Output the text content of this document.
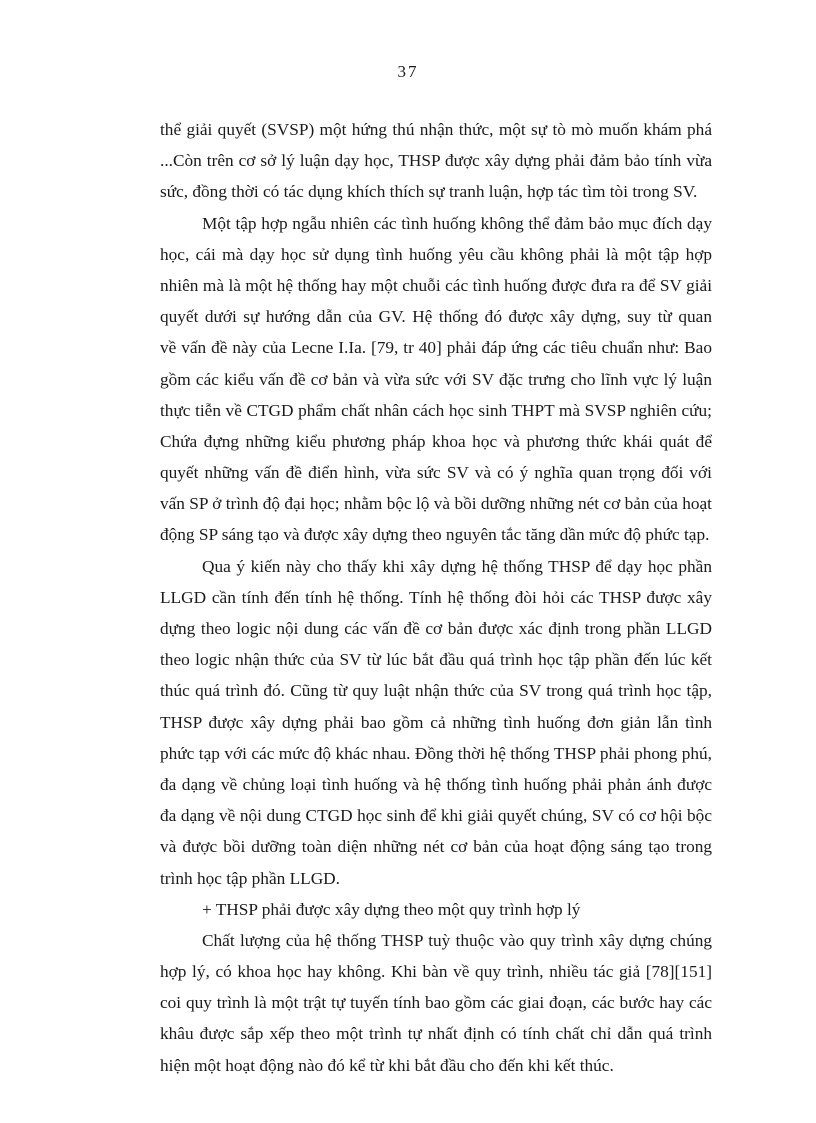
37
thể giải quyết (SVSP) một hứng thú nhận thức, một sự tò mò muốn khám phá
...Còn trên cơ sở lý luận dạy học, THSP được xây dựng phải đảm bảo tính vừa
sức, đồng thời có tác dụng khích thích sự tranh luận, hợp tác tìm tòi trong SV.
Một tập hợp ngẫu nhiên các tình huống không thể đảm bảo mục đích dạy
học, cái mà dạy học sử dụng tình huống yêu cầu không phải là một tập hợp
nhiên mà là một hệ thống hay một chuỗi các tình huống được đưa ra để SV giải
quyết dưới sự hướng dẫn của GV. Hệ thống đó được xây dựng, suy từ quan
về vấn đề này của Lecne I.Ia. [79, tr 40] phải đáp ứng các tiêu chuẩn như: Bao
gồm các kiểu vấn đề cơ bản và vừa sức với SV đặc trưng cho lĩnh vực lý luận
thực tiễn về CTGD phẩm chất nhân cách học sinh THPT mà SVSP nghiên cứu;
Chứa đựng những kiểu phương pháp khoa học và phương thức khái quát để
quyết những vấn đề điển hình, vừa sức SV và có ý nghĩa quan trọng đối với
vấn SP ở trình độ đại học; nhằm bộc lộ và bồi dưỡng những nét cơ bản của hoạt
động SP sáng tạo và được xây dựng theo nguyên tắc tăng dần mức độ phức tạp.
Qua ý kiến này cho thấy khi xây dựng hệ thống THSP để dạy học phần
LLGD cần tính đến tính hệ thống. Tính hệ thống đòi hỏi các THSP được xây
dựng theo logic nội dung các vấn đề cơ bản được xác định trong phần LLGD
theo logic nhận thức của SV từ lúc bắt đầu quá trình học tập phần đến lúc kết
thúc quá trình đó. Cũng từ quy luật nhận thức của SV trong quá trình học tập,
THSP được xây dựng phải bao gồm cả những tình huống đơn giản lẫn tình
phức tạp với các mức độ khác nhau. Đồng thời hệ thống THSP phải phong phú,
đa dạng về chủng loại tình huống và hệ thống tình huống phải phản ánh được
đa dạng về nội dung CTGD học sinh để khi giải quyết chúng, SV có cơ hội bộc
và được bồi dưỡng toàn diện những nét cơ bản của hoạt động sáng tạo trong
trình học tập phần LLGD.
+ THSP phải được xây dựng theo một quy trình hợp lý
Chất lượng của hệ thống THSP tuỳ thuộc vào quy trình xây dựng chúng
hợp lý, có khoa học hay không. Khi bàn về quy trình, nhiều tác giả [78][151]
coi quy trình là một trật tự tuyến tính bao gồm các giai đoạn, các bước hay các
khâu được sắp xếp theo một trình tự nhất định có tính chất chỉ dẫn quá trình
hiện một hoạt động nào đó kể từ khi bắt đầu cho đến khi kết thúc.
